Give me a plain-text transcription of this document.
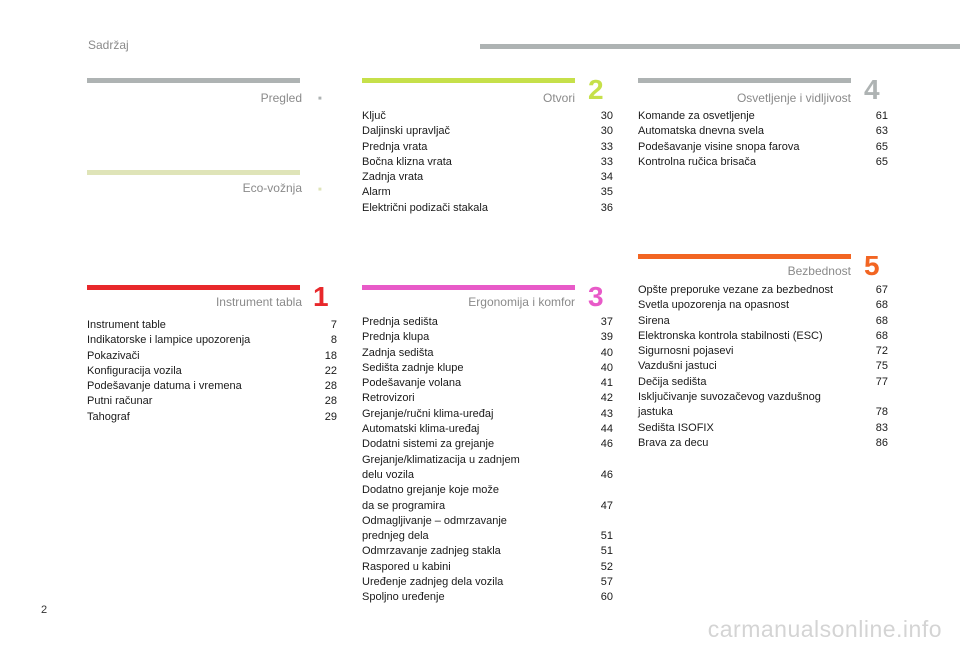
Sadržaj
Pregled	■
Eco-vožnja	■
Instrument tabla 1
Instrument table	7
Indikatorske i lampice upozorenja	8
Pokazivači	18
Konfiguracija vozila	22
Podešavanje datuma i vremena	28
Putni računar	28
Tahograf	29
Otvori 2
Ključ	30
Daljinski upravljač	30
Prednja vrata	33
Bočna klizna vrata	33
Zadnja vrata	34
Alarm	35
Električni podizači stakala	36
Ergonomija i komfor 3
Prednja sedišta	37
Prednja klupa	39
Zadnja sedišta	40
Sedišta zadnje klupe	40
Podešavanje volana	41
Retrovizori	42
Grejanje/ručni klima-uređaj	43
Automatski klima-uređaj	44
Dodatni sistemi za grejanje	46
Grejanje/klimatizacija u zadnjem
delu vozila	46
Dodatno grejanje koje može
da se programira	47
Odmagljivanje – odmrzavanje
prednjeg dela	51
Odmrzavanje zadnjeg stakla	51
Raspored u kabini	52
Uređenje zadnjeg dela vozila	57
Spoljno uređenje	60
Osvetljenje i vidljivost 4
Komande za osvetljenje	61
Automatska dnevna svela	63
Podešavanje visine snopa farova	65
Kontrolna ručica brisača	65
Bezbednost 5
Opšte preporuke vezane za bezbednost	67
Svetla upozorenja na opasnost	68
Sirena	68
Elektronska kontrola stabilnosti (ESC)	68
Sigurnosni pojasevi	72
Vazdušni jastuci	75
Dečija sedišta	77
Isključivanje suvozačevog vazdušnog
jastuka	78
Sedišta ISOFIX	83
Brava za decu	86
2
carmanualsonline.info
